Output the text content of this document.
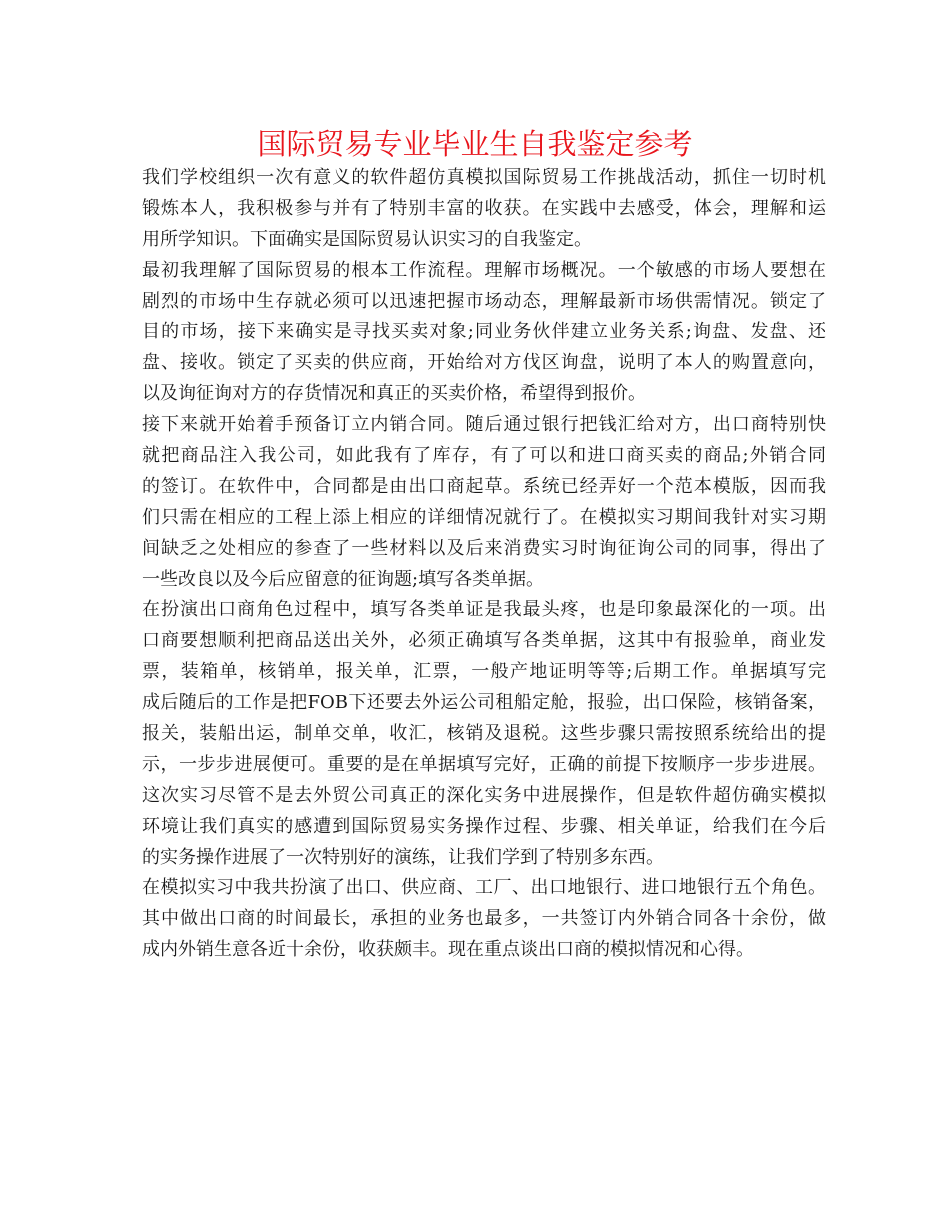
国际贸易专业毕业生自我鉴定参考
我们学校组织一次有意义的软件超仿真模拟国际贸易工作挑战活动，抓住一切时机
锻炼本人，我积极参与并有了特别丰富的收获。在实践中去感受，体会，理解和运
用所学知识。下面确实是国际贸易认识实习的自我鉴定。
最初我理解了国际贸易的根本工作流程。理解市场概况。一个敏感的市场人要想在
剧烈的市场中生存就必须可以迅速把握市场动态，理解最新市场供需情况。锁定了
目的市场，接下来确实是寻找买卖对象;同业务伙伴建立业务关系;询盘、发盘、还
盘、接收。锁定了买卖的供应商，开始给对方伐区询盘，说明了本人的购置意向，
以及询征询对方的存货情况和真正的买卖价格，希望得到报价。
接下来就开始着手预备订立内销合同。随后通过银行把钱汇给对方，出口商特别快
就把商品注入我公司，如此我有了库存，有了可以和进口商买卖的商品;外销合同
的签订。在软件中，合同都是由出口商起草。系统已经弄好一个范本模版，因而我
们只需在相应的工程上添上相应的详细情况就行了。在模拟实习期间我针对实习期
间缺乏之处相应的参查了一些材料以及后来消费实习时询征询公司的同事，得出了
一些改良以及今后应留意的征询题;填写各类单据。
在扮演出口商角色过程中，填写各类单证是我最头疼，也是印象最深化的一项。出
口商要想顺利把商品送出关外，必须正确填写各类单据，这其中有报验单，商业发
票，装箱单，核销单，报关单，汇票，一般产地证明等等;后期工作。单据填写完
成后随后的工作是把FOB下还要去外运公司租船定舱，报验，出口保险，核销备案，
报关，装船出运，制单交单，收汇，核销及退税。这些步骤只需按照系统给出的提
示，一步步进展便可。重要的是在单据填写完好，正确的前提下按顺序一步步进展。
这次实习尽管不是去外贸公司真正的深化实务中进展操作，但是软件超仿确实模拟
环境让我们真实的感遭到国际贸易实务操作过程、步骤、相关单证，给我们在今后
的实务操作进展了一次特别好的演练，让我们学到了特别多东西。
在模拟实习中我共扮演了出口、供应商、工厂、出口地银行、进口地银行五个角色。
其中做出口商的时间最长，承担的业务也最多，一共签订内外销合同各十余份，做
成内外销生意各近十余份，收获颇丰。现在重点谈出口商的模拟情况和心得。
